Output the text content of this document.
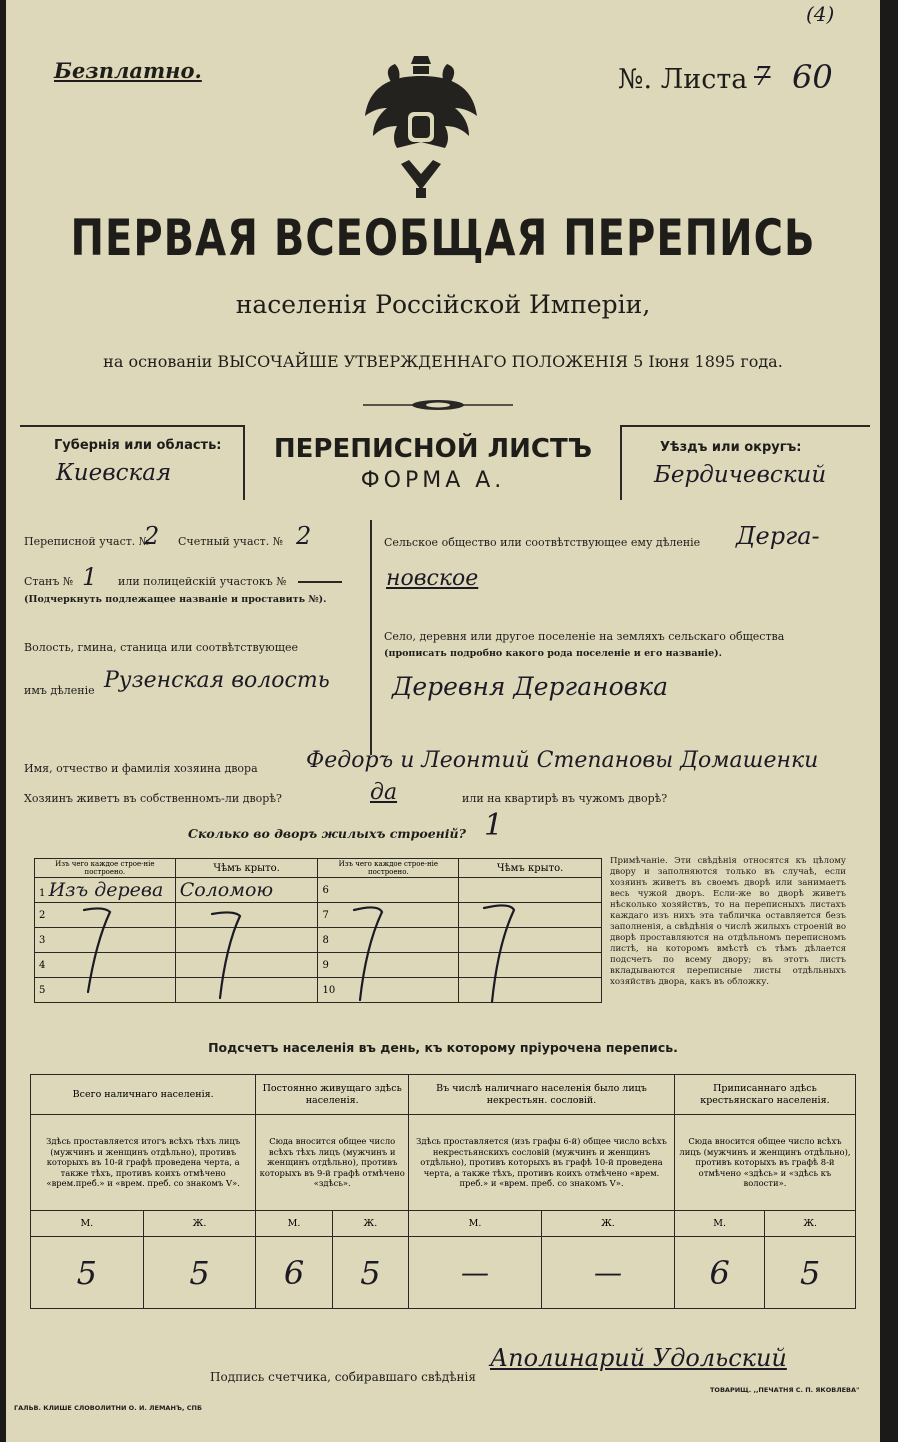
(4)
Безплатно.	№. Листа 7 60
ПЕРВАЯ ВСЕОБЩАЯ ПЕРЕПИСЬ
населенія Россійской Имперіи,
на основаніи ВЫСОЧАЙШЕ УТВЕРЖДЕННАГО ПОЛОЖЕНІЯ 5 Іюня 1895 года.
Губернія или область:
Киевская
ПЕРЕПИСНОЙ ЛИСТЪ
ФОРМА А.
Уѣздъ или округъ:
Бердичевский
Переписной участ. №
2 Счетный участ. № 2
Станъ № 1 или полицейскій участокъ №
(Подчеркнуть подлежащее названіе и проставить №).
Волость, гмина, станица или соотвѣтствующее
имъ дѣленіе Рузенская волость
Сельское общество или соотвѣтствующее ему дѣленіе Дерга-
новское
Село, деревня или другое поселеніе на земляхъ сельскаго общества
(прописать подробно какого рода поселеніе и его названіе).
Деревня Дергановка
Имя, отчество и фамилія хозяина двора Федоръ и Леонтий Степановы Домашенки
Хозяинъ живетъ въ собственномъ-ли дворѣ?	да	или на квартирѣ въ чужомъ дворѣ?
Сколько во дворъ жилыхъ строеній? 1
Изъ чего каждое строе-ніе построено.	Чѣмъ крыто.	Изъ чего каждое строе-ніе построено.	Чѣмъ крыто.
1 Изъ дерева	Соломою	6	
2		7	
3		8	
4		9	
5		10	
Примѣчаніе. Эти свѣдѣнія относятся къ цѣлому двору и заполняются только въ случаѣ, если хозяинъ живетъ въ своемъ дворѣ или занимаетъ весь чужой дворъ. Если-же во дворѣ живетъ нѣсколько хозяйствъ, то на переписныхъ листахъ каждаго изъ нихъ эта табличка оставляется безъ заполненія, а свѣдѣнія о числѣ жилыхъ строеній во дворѣ проставляются на отдѣльномъ переписномъ листѣ, на которомъ вмѣстѣ съ тѣмъ дѣлается подсчетъ по всему двору; въ этотъ листъ вкладываются переписные листы отдѣльныхъ хозяйствъ двора, какъ въ обложку.
Подсчетъ населенія въ день, къ которому пріурочена перепись.
Всего наличнаго населенія.		Постоянно живущаго здѣсь населенія.		Въ числѣ наличнаго населенія было лицъ некрестьян. сословій.		Приписаннаго здѣсь крестьянскаго населенія.	
Здѣсь проставляется итогъ всѣхъ тѣхъ лицъ (мужчинъ и женщинъ отдѣльно), противъ которыхъ въ 10-й графѣ проведена черта, а также тѣхъ, противъ коихъ отмѣчено «врем.преб.» и «врем. преб. со знакомъ V».		Сюда вносится общее число всѣхъ тѣхъ лицъ (мужчинъ и женщинъ отдѣльно), противъ которыхъ въ 9-й графѣ отмѣчено «здѣсь».		Здѣсь проставляется (изъ графы 6-й) общее число всѣхъ некрестьянскихъ сословій (мужчинъ и женщинъ отдѣльно), противъ которыхъ въ графѣ 10-й проведена черта, а также тѣхъ, противъ коихъ отмѣчено «врем. преб.» и «врем. преб. со знакомъ V».		Сюда вносится общее число всѣхъ лицъ (мужчинъ и женщинъ отдѣльно), противъ которыхъ въ графѣ 8-й отмѣчено «здѣсь» и «здѣсь къ волости».	
М.	Ж.	М.	Ж.	М.	Ж.	М.	Ж.
5	5	6	5	—	—	6	5
Подпись счетчика, собиравшаго свѣдѣнія
Аполинарий Удольский
ГАЛЬВ. КЛИШЕ СЛОВОЛИТНИ О. И. ЛЕМАНЪ, СПБ
ТОВАРИЩ. ,,ПЕЧАТНЯ С. П. ЯКОВЛЕВА"
